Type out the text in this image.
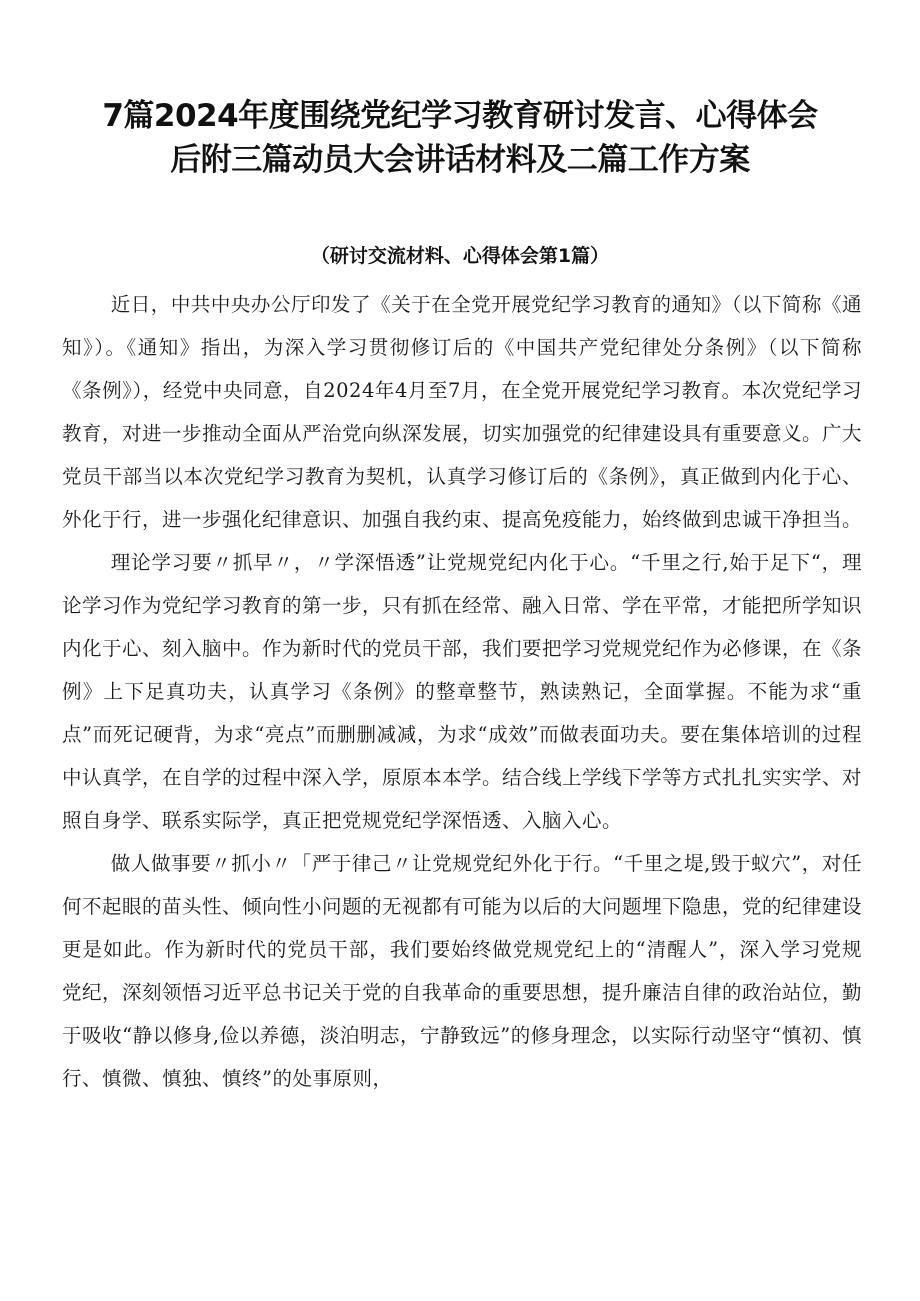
7篇2024年度围绕党纪学习教育研讨发言、心得体会
后附三篇动员大会讲话材料及二篇工作方案
（研讨交流材料、心得体会第1篇）

近日，中共中央办公厅印发了《关于在全党开展党纪学习教育的通知》（以下简称《通知》）。《通知》指出，为深入学习贯彻修订后的《中国共产党纪律处分条例》（以下简称《条例》），经党中央同意，自2024年4月至7月，在全党开展党纪学习教育。本次党纪学习教育，对进一步推动全面从严治党向纵深发展，切实加强党的纪律建设具有重要意义。广大党员干部当以本次党纪学习教育为契机，认真学习修订后的《条例》，真正做到内化于心、外化于行，进一步强化纪律意识、加强自我约束、提高免疫能力，始终做到忠诚干净担当。

理论学习要〃抓早〃，〃学深悟透”让党规党纪内化于心。“千里之行,始于足下“，理论学习作为党纪学习教育的第一步，只有抓在经常、融入日常、学在平常，才能把所学知识内化于心、刻入脑中。作为新时代的党员干部，我们要把学习党规党纪作为必修课，在《条例》上下足真功夫，认真学习《条例》的整章整节，熟读熟记，全面掌握。不能为求“重点”而死记硬背，为求“亮点”而删删减减，为求“成效”而做表面功夫。要在集体培训的过程中认真学，在自学的过程中深入学，原原本本学。结合线上学线下学等方式扎扎实实学、对照自身学、联系实际学，真正把党规党纪学深悟透、入脑入心。

做人做事要〃抓小〃「严于律己〃让党规党纪外化于行。“千里之堤,毁于蚁穴”，对任何不起眼的苗头性、倾向性小问题的无视都有可能为以后的大问题埋下隐患，党的纪律建设更是如此。作为新时代的党员干部，我们要始终做党规党纪上的“清醒人”，深入学习党规党纪，深刻领悟习近平总书记关于党的自我革命的重要思想，提升廉洁自律的政治站位，勤于吸收“静以修身,俭以养德，淡泊明志，宁静致远”的修身理念，以实际行动坚守“慎初、慎行、慎微、慎独、慎终”的处事原则，
